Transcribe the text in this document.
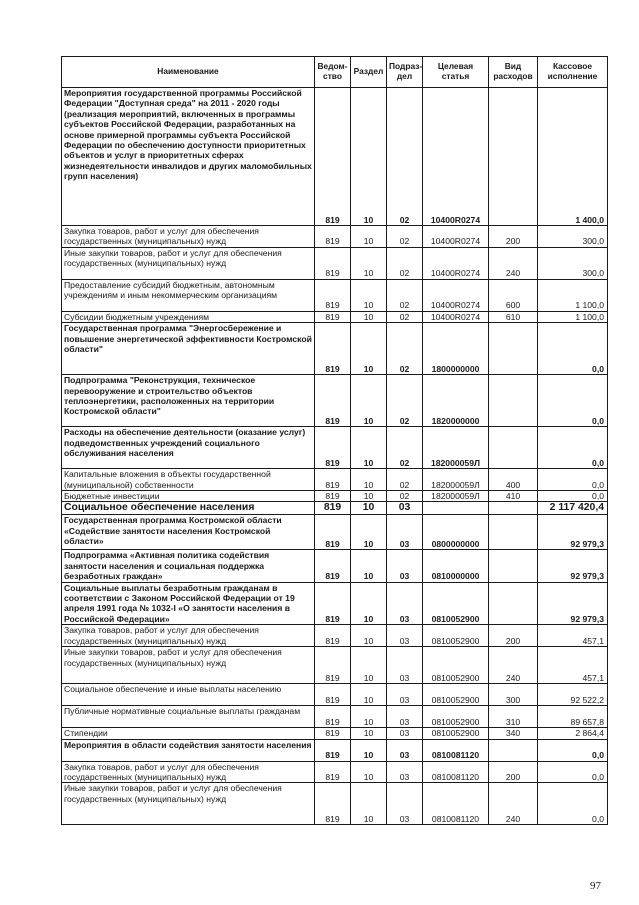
Наименование	Ведом-ство	Раздел	Подраз-дел	Целевая статья	Вид расходов	Кассовое исполнение
Мероприятия государственной программы Российской Федерации "Доступная среда" на 2011 - 2020 годы (реализация мероприятий, включенных в программы субъектов Российской Федерации, разработанных на основе примерной программы субъекта Российской Федерации по обеспечению доступности приоритетных объектов и услуг в приоритетных сферах жизнедеятельности инвалидов и других маломобильных групп населения)	819	10	02	10400R0274		1 400,0
Закупка товаров, работ и услуг для обеспечения государственных (муниципальных) нужд	819	10	02	10400R0274	200	300,0
Иные закупки товаров, работ и услуг для обеспечения государственных (муниципальных) нужд	819	10	02	10400R0274	240	300,0
Предоставление субсидий бюджетным, автономным учреждениям и иным некоммерческим организациям	819	10	02	10400R0274	600	1 100,0
Субсидии бюджетным учреждениям	819	10	02	10400R0274	610	1 100,0
Государственная программа "Энергосбережение и повышение энергетической эффективности Костромской области"	819	10	02	1800000000		0,0
Подпрограмма "Реконструкция, техническое перевооружение и строительство объектов теплоэнергетики, расположенных на территории Костромской области"	819	10	02	1820000000		0,0
Расходы на обеспечение деятельности (оказание услуг) подведомственных учреждений социального обслуживания населения	819	10	02	182000059Л		0,0
Капитальные вложения в объекты государственной (муниципальной) собственности	819	10	02	182000059Л	400	0,0
Бюджетные инвестиции	819	10	02	182000059Л	410	0,0
Социальное обеспечение населения	819	10	03			2 117 420,4
Государственная программа Костромской области «Содействие занятости населения Костромской области»	819	10	03	0800000000		92 979,3
Подпрограмма «Активная политика содействия занятости населения и социальная поддержка безработных граждан»	819	10	03	0810000000		92 979,3
Социальные выплаты безработным гражданам в соответствии с Законом Российской Федерации от 19 апреля 1991 года № 1032-I «О занятости населения в Российской Федерации»	819	10	03	0810052900		92 979,3
Закупка товаров, работ и услуг для обеспечения государственных (муниципальных) нужд	819	10	03	0810052900	200	457,1
Иные закупки товаров, работ и услуг для обеспечения государственных (муниципальных) нужд	819	10	03	0810052900	240	457,1
Социальное обеспечение и иные выплаты населению	819	10	03	0810052900	300	92 522,2
Публичные нормативные социальные выплаты гражданам	819	10	03	0810052900	310	89 657,8
Стипендии	819	10	03	0810052900	340	2 864,4
Мероприятия в области содействия занятости населения	819	10	03	0810081120		0,0
Закупка товаров, работ и услуг для обеспечения государственных (муниципальных) нужд	819	10	03	0810081120	200	0,0
Иные закупки товаров, работ и услуг для обеспечения государственных (муниципальных) нужд	819	10	03	0810081120	240	0,0
97
